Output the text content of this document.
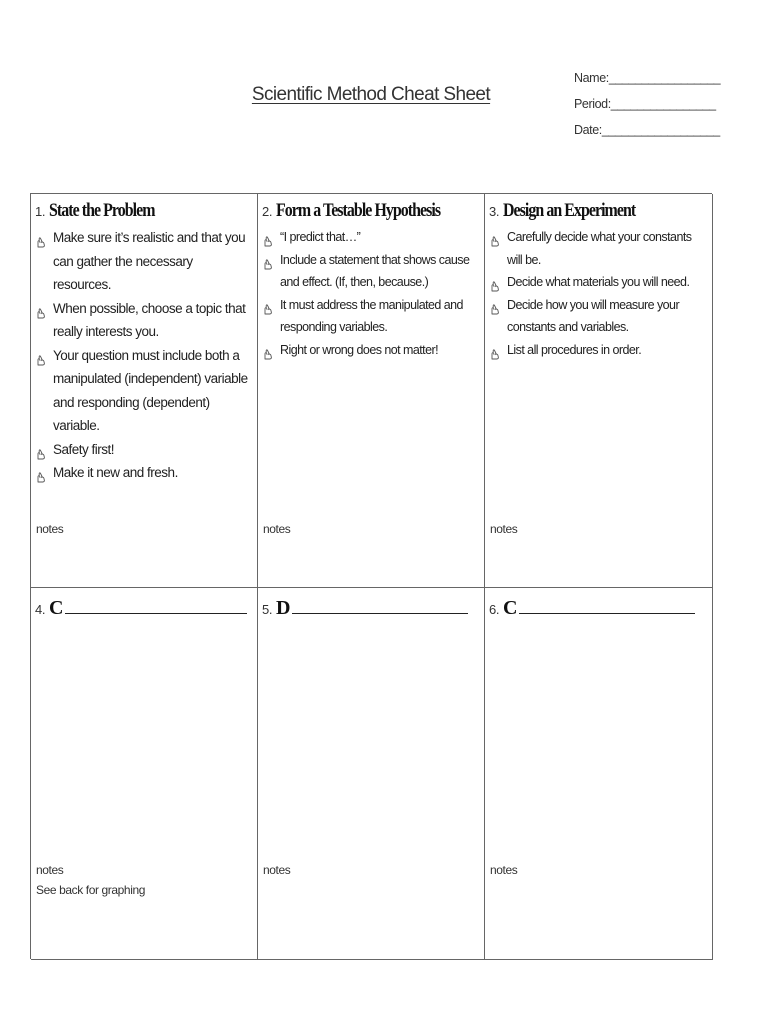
Scientific Method Cheat Sheet
Name:_________________
Period:________________
Date:__________________
1. State the Problem
Make sure it’s realistic and that you can gather the necessary resources.
When possible, choose a topic that really interests you.
Your question must include both a manipulated (independent) variable and responding (dependent) variable.
Safety first!
Make it new and fresh.
notes
2. Form a Testable Hypothesis
“I predict that…”
Include a statement that shows cause and effect. (If, then, because.)
It must address the manipulated and responding variables.
Right or wrong does not matter!
notes
3. Design an Experiment
Carefully decide what your constants will be.
Decide what materials you will need.
Decide how you will measure your constants and variables.
List all procedures in order.
notes
4. C
notes
See back for graphing
5. D
notes
6. C
notes
